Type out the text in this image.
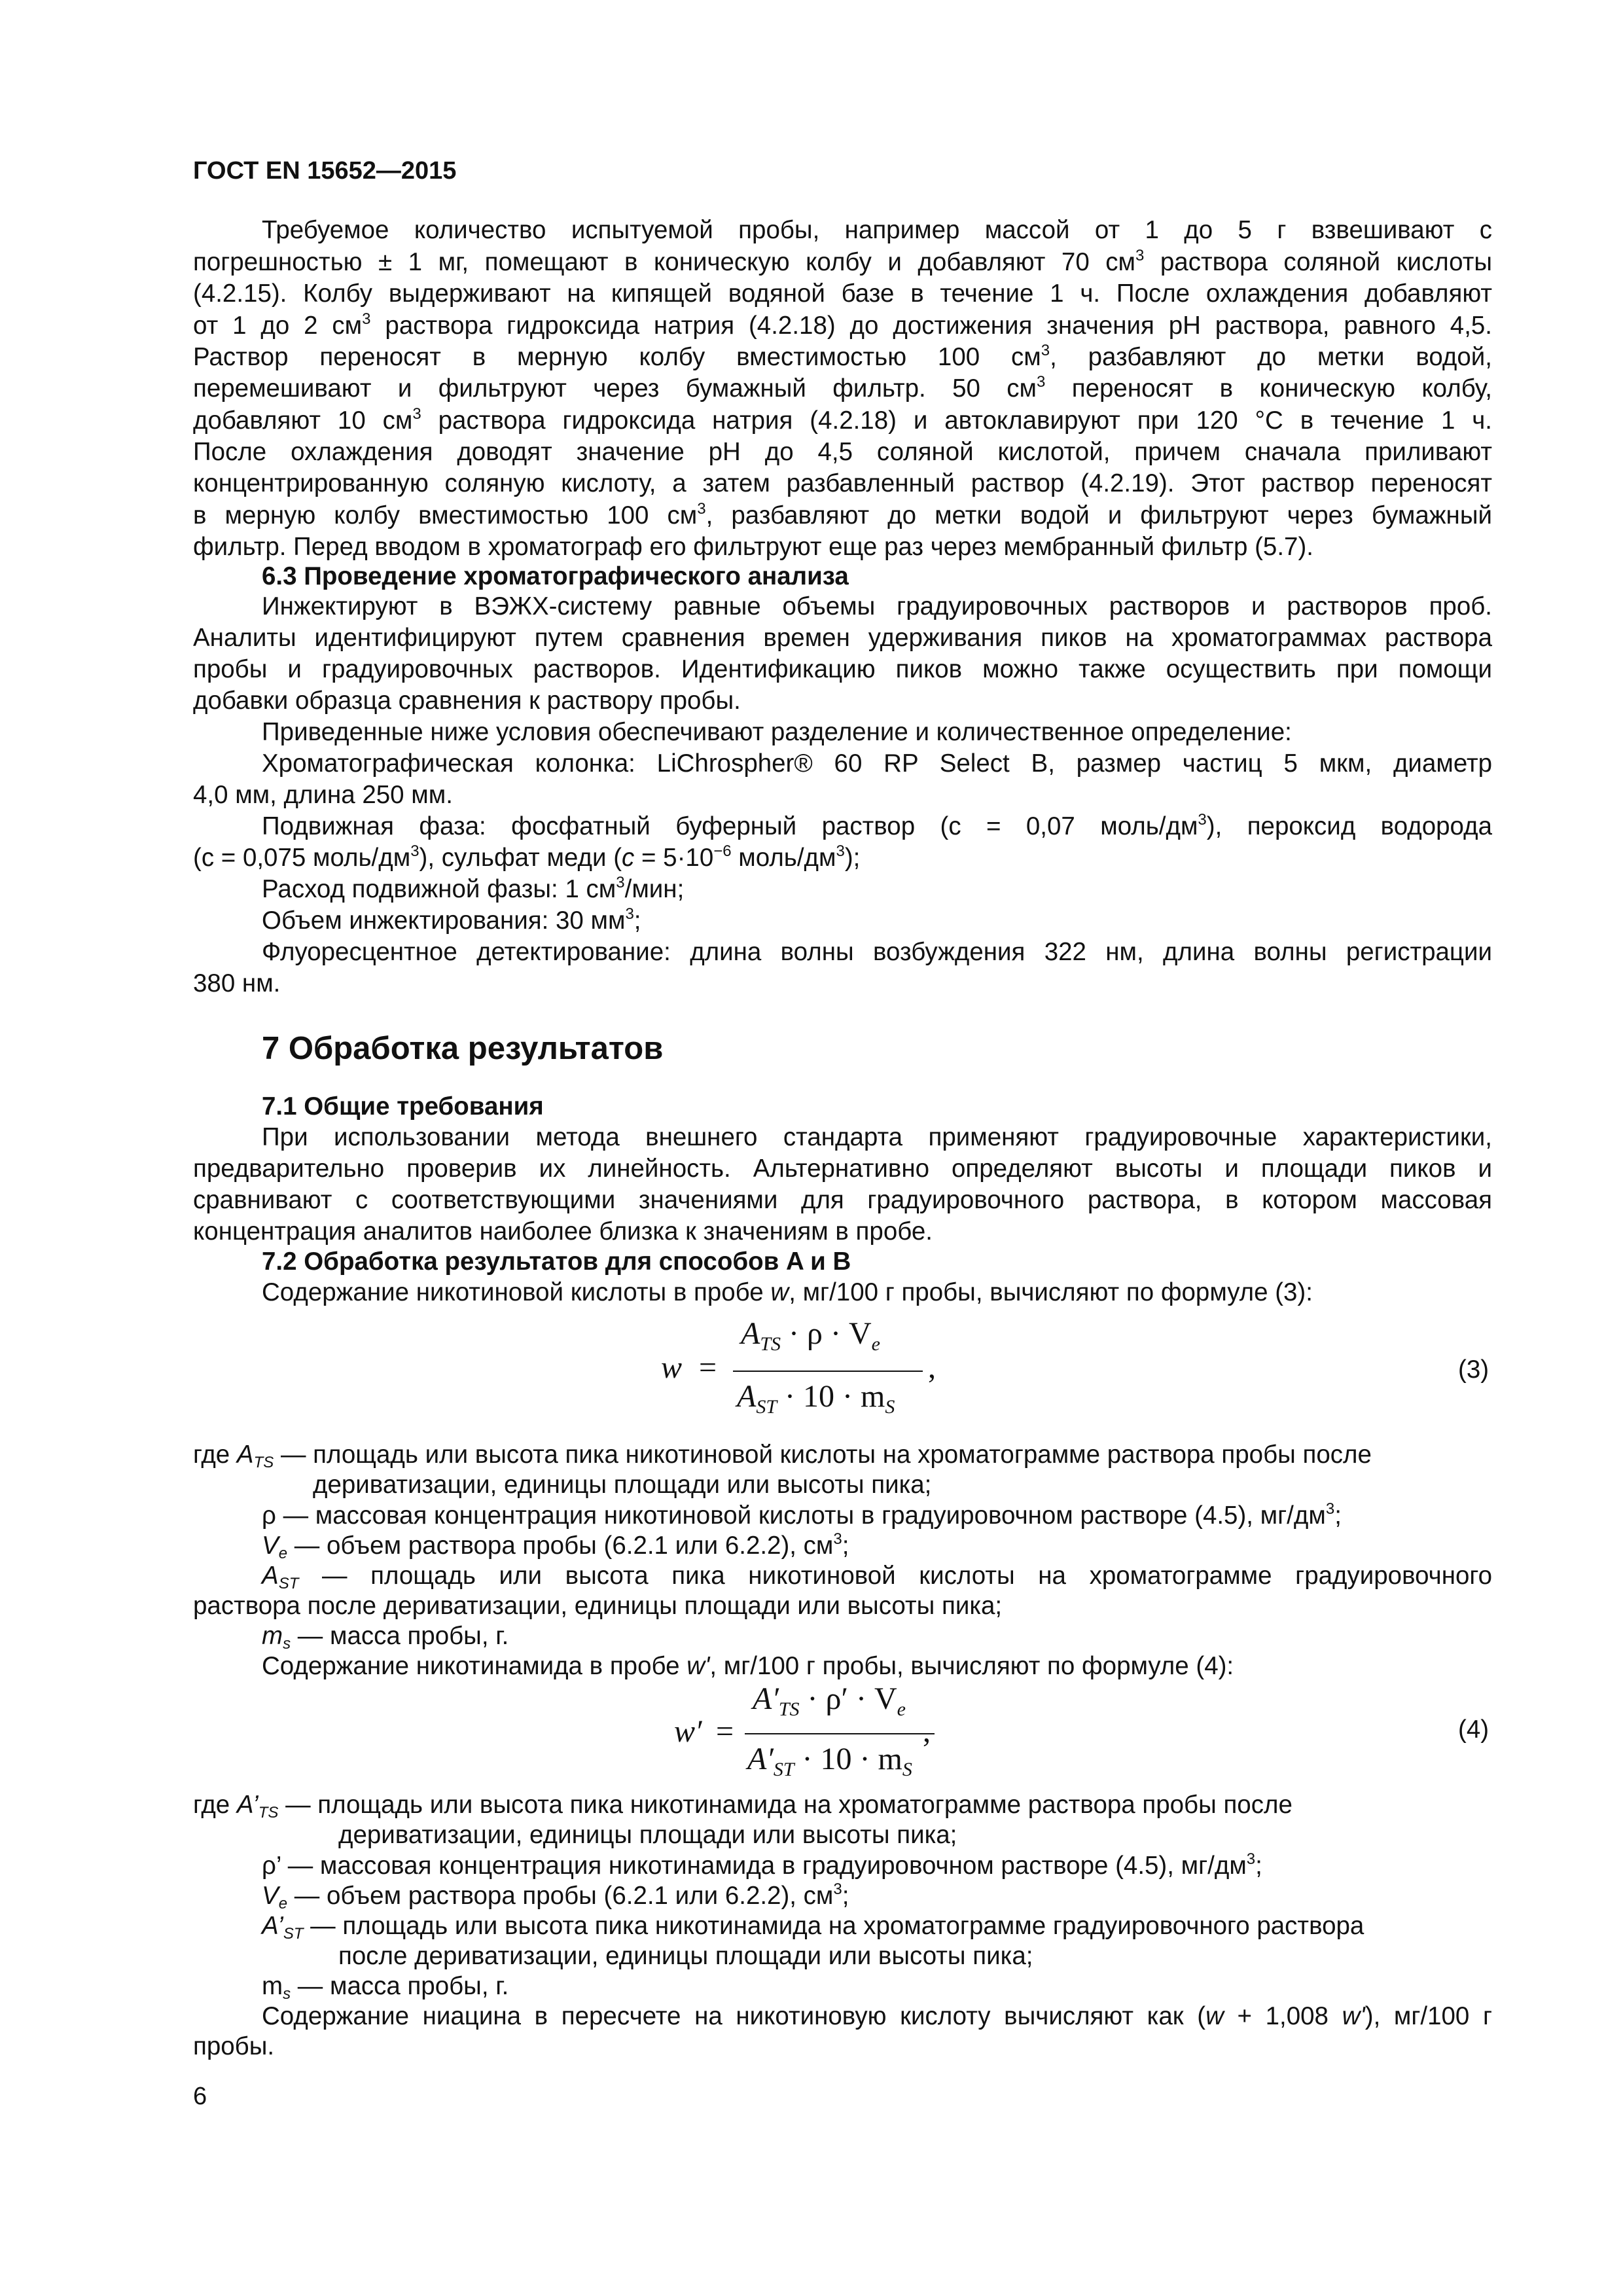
ГОСТ EN 15652—2015
Требуемое количество испытуемой пробы, например массой от 1 до 5 г взвешивают с
погрешностью ± 1 мг, помещают в коническую колбу и добавляют 70 $см^3$ раствора соляной кислоты
(4.2.15). Колбу выдерживают на кипящей водяной базе в течение 1 ч. После охлаждения добавляют
от 1 до 2 $см^3$ раствора гидроксида натрия (4.2.18) до достижения значения pH раствора, равного 4,5.
Раствор переносят в мерную колбу вместимостью 100 $см^3$, разбавляют до метки водой,
перемешивают и фильтруют через бумажный фильтр. 50 $см^3$ переносят в коническую колбу,
добавляют 10 $см^3$ раствора гидроксида натрия (4.2.18) и автоклавируют при 120 °C в течение 1 ч.
После охлаждения доводят значение pH до 4,5 соляной кислотой, причем сначала приливают
концентрированную соляную кислоту, а затем разбавленный раствор (4.2.19). Этот раствор переносят
в мерную колбу вместимостью 100 $см^3$, разбавляют до метки водой и фильтруют через бумажный
фильтр. Перед вводом в хроматограф его фильтруют еще раз через мембранный фильтр (5.7).
6.3 Проведение хроматографического анализа
Инжектируют в ВЭЖХ-систему равные объемы градуировочных растворов и растворов проб.
Аналиты идентифицируют путем сравнения времен удерживания пиков на хроматограммах раствора
пробы и градуировочных растворов. Идентификацию пиков можно также осуществить при помощи
добавки образца сравнения к раствору пробы.
Приведенные ниже условия обеспечивают разделение и количественное определение:
Хроматографическая колонка: LiChrospher® 60 RP Select B, размер частиц 5 мкм, диаметр
4,0 мм, длина 250 мм.
Подвижная фаза: фосфатный буферный раствор (с = 0,07 моль/$дм^3$), пероксид водорода
(с = 0,075 моль/$дм^3$), сульфат меди ($c = 5\cdot 10^{-6}$ моль/$дм^3$);
Расход подвижной фазы: 1 $см^3$/мин;
Объем инжектирования: 30 $мм^3$;
Флуоресцентное детектирование: длина волны возбуждения 322 нм, длина волны регистрации
380 нм.
7 Обработка результатов
7.1 Общие требования
При использовании метода внешнего стандарта применяют градуировочные характеристики,
предварительно проверив их линейность. Альтернативно определяют высоты и площади пиков и
сравнивают с соответствующими значениями для градуировочного раствора, в котором массовая
концентрация аналитов наиболее близка к значениям в пробе.
7.2 Обработка результатов для способов A и B
Содержание никотиновой кислоты в пробе w, мг/100 г пробы, вычисляют по формуле (3):
w =
$A_{TS} \cdot \rho \cdot V_e$
$A_{ST} \cdot 10 \cdot m_S$
,	(3)
где $A_{TS}$ — площадь или высота пика никотиновой кислоты на хроматограмме раствора пробы после
дериватизации, единицы площади или высоты пика;
ρ — массовая концентрация никотиновой кислоты в градуировочном растворе (4.5), $мг/дм^3$;
$V_e$ — объем раствора пробы (6.2.1 или 6.2.2), $см^3$;
$A_{ST}$ — площадь или высота пика никотиновой кислоты на хроматограмме градуировочного
раствора после дериватизации, единицы площади или высоты пика;
$m_s$ — масса пробы, г.
Содержание никотинамида в пробе w', мг/100 г пробы, вычисляют по формуле (4):
w′ =
$A'_{TS} \cdot \rho' \cdot V_e$
$A'_{ST} \cdot 10 \cdot m_S$
,	(4)
где $A’_{TS}$ — площадь или высота пика никотинамида на хроматограмме раствора пробы после
дериватизации, единицы площади или высоты пика;
ρ’ — массовая концентрация никотинамида в градуировочном растворе (4.5), $мг/дм^3$;
$V_e$ — объем раствора пробы (6.2.1 или 6.2.2), $см^3$;
$A’_{ST}$ — площадь или высота пика никотинамида на хроматограмме градуировочного раствора
после дериватизации, единицы площади или высоты пика;
$m_s$ — масса пробы, г.
Содержание ниацина в пересчете на никотиновую кислоту вычисляют как (w + 1,008 w'), мг/100 г
пробы.
6
